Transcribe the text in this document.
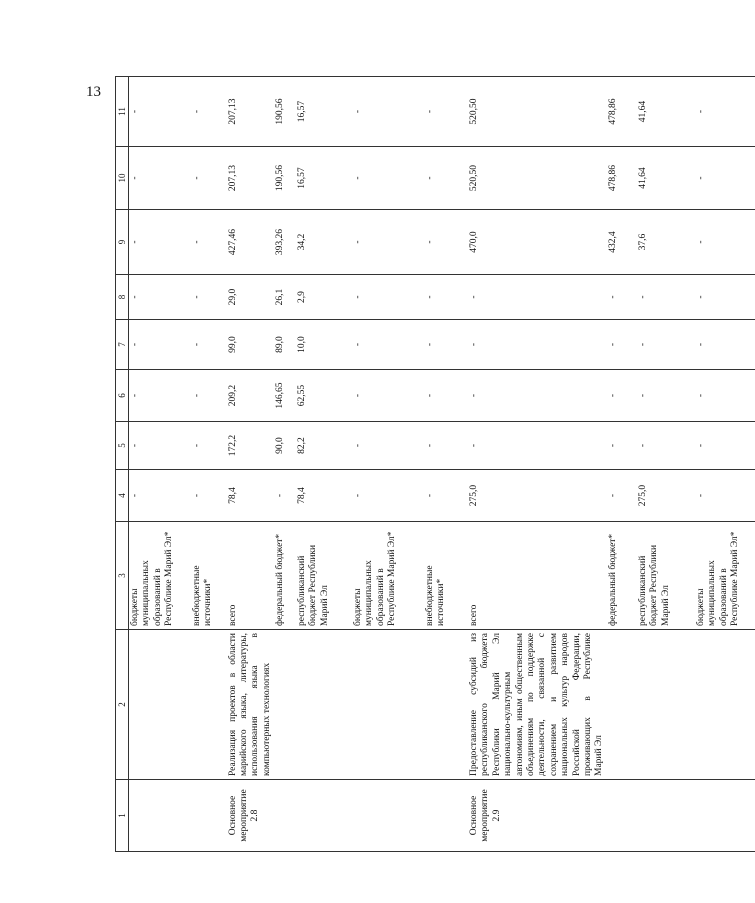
13
1	2	3	4	5	6	7	8	9	10	11
		бюджеты муниципальных образований в Республике Марий Эл*	-	-	-	-	-	-	-	-
		внебюджетные источники*	-	-	-	-	-	-	-	-
Основное мероприятие 2.8	Реализация проектов в области марийского языка, литературы, использования языка в компьютерных технологиях	всего	78,4	172,2	209,2	99,0	29,0	427,46	207,13	207,13
		федеральный бюджет*	-	90,0	146,65	89,0	26,1	393,26	190,56	190,56
		республиканский бюджет Республики Марий Эл	78,4	82,2	62,55	10,0	2,9	34,2	16,57	16,57
		бюджеты муниципальных образований в Республике Марий Эл*	-	-	-	-	-	-	-	-
		внебюджетные источники*	-	-	-	-	-	-	-	-
Основное мероприятие 2.9	Предоставление субсидий из республиканского бюджета Республики Марий Эл национально-культурным автономиям, иным общественным объединениям по поддержке деятельности, связанной с сохранением и развитием национальных культур народов Российской Федерации, проживающих в Республике Марий Эл	всего	275,0	-	-	-	-	470,0	520,50	520,50
		федеральный бюджет*	-	-	-	-	-	432,4	478,86	478,86
		республиканский бюджет Республики Марий Эл	275,0	-	-	-	-	37,6	41,64	41,64
		бюджеты муниципальных образований в Республике Марий Эл*	-	-	-	-	-	-	-	-
